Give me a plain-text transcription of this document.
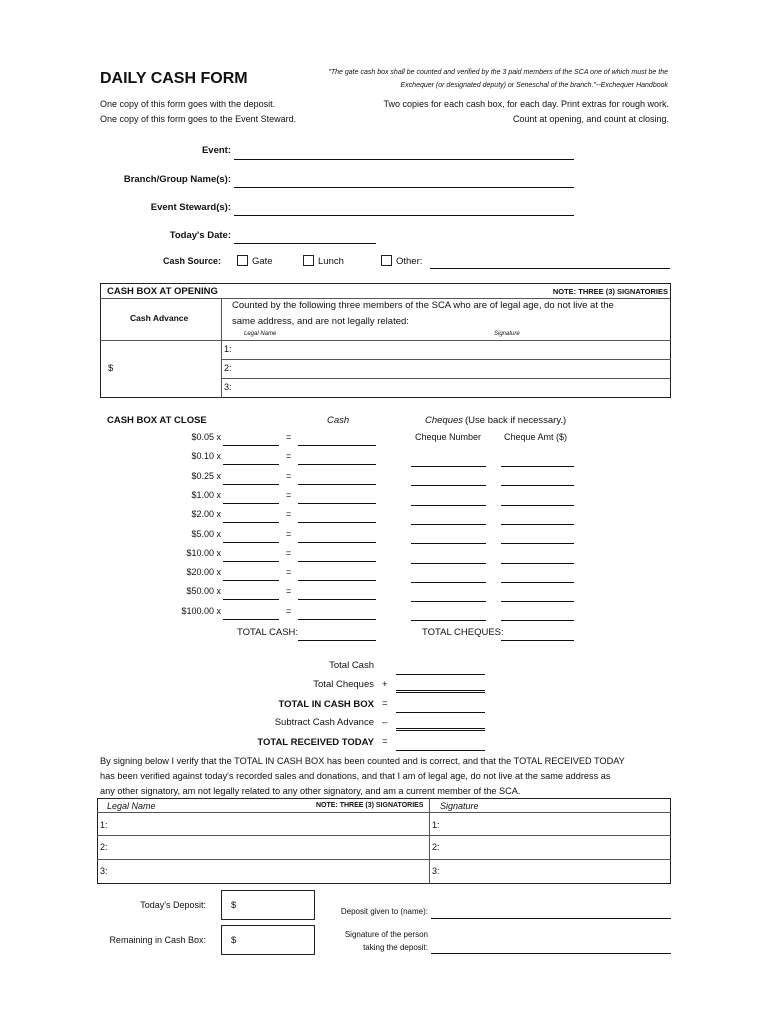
DAILY CASH FORM	"The gate cash box shall be counted and verified by the 3 paid members of the SCA one of which must be the
Exchequer (or designated deputy) or Seneschal of the branch."--Exchequer Handbook
One copy of this form goes with the deposit.
One copy of this form goes to the Event Steward.
Two copies for each cash box, for each day. Print extras for rough work.
Count at opening, and count at closing.
Event:
Branch/Group Name(s):
Event Steward(s):
Today's Date:
Cash Source:	Gate	Lunch	Other:
CASH BOX AT OPENING	NOTE: THREE (3) SIGNATORIES
Cash Advance
$
Counted by the following three members of the SCA who are of legal age, do not live at the
same address, and are not legally related:
Legal Name	Signature
1:
2:
3:
CASH BOX AT CLOSE	Cash	Cheques (Use back if necessary.)
Cheque Number	Cheque Amt ($)
$0.05 x	=
$0.10 x	=
$0.25 x	=
$1.00 x	=
$2.00 x	=
$5.00 x	=
$10.00 x	=
$20.00 x	=
$50.00 x	=
$100.00 x	=
TOTAL CASH:	TOTAL CHEQUES:
Total Cash
Total Cheques +
TOTAL IN CASH BOX =
Subtract Cash Advance –
TOTAL RECEIVED TODAY =
By signing below I verify that the TOTAL IN CASH BOX has been counted and is correct, and that the TOTAL RECEIVED TODAY
has been verified against today's recorded sales and donations, and that I am of legal age, do not live at the same address as
any other signatory, am not legally related to any other signatory, and am a current member of the SCA.
Legal Name	NOTE: THREE (3) SIGNATORIES Signature
1:	1:
2:	2:
3:	3:
Today's Deposit:	$
Remaining in Cash Box:	$
Deposit given to (name):
Signature of the person
taking the deposit:
